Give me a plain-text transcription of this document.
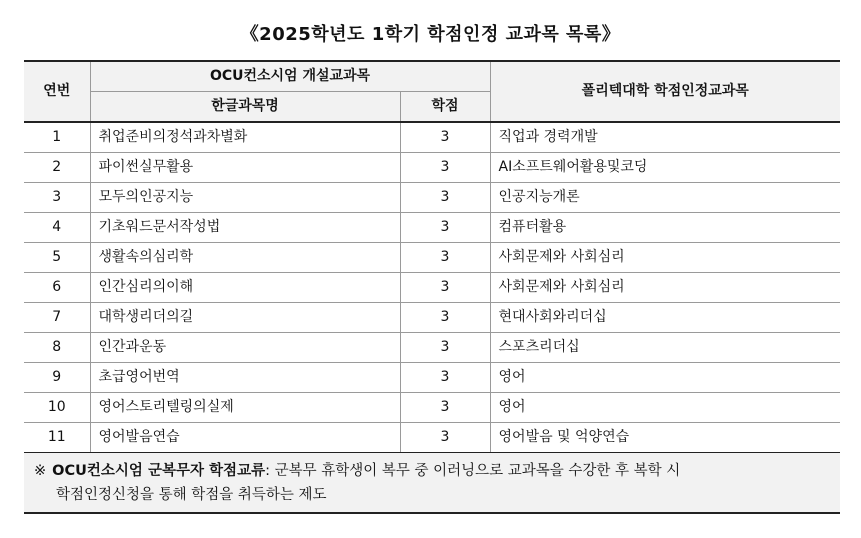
《2025학년도 1학기 학점인정 교과목 목록》
연번	OCU컨소시엄 개설교과목		폴리텍대학 학점인정교과목
	한글과목명	학점	
1	취업준비의정석과차별화	3	직업과 경력개발
2	파이썬실무활용	3	AI소프트웨어활용및코딩
3	모두의인공지능	3	인공지능개론
4	기초워드문서작성법	3	컴퓨터활용
5	생활속의심리학	3	사회문제와 사회심리
6	인간심리의이해	3	사회문제와 사회심리
7	대학생리더의길	3	현대사회와리더십
8	인간과운동	3	스포츠리더십
9	초급영어번역	3	영어
10	영어스토리텔링의실제	3	영어
11	영어발음연습	3	영어발음 및 억양연습
※ OCU컨소시엄 군복무자 학점교류: 군복무 휴학생이 복무 중 이러닝으로 교과목을 수강한 후 복학 시
학점인정신청을 통해 학점을 취득하는 제도
